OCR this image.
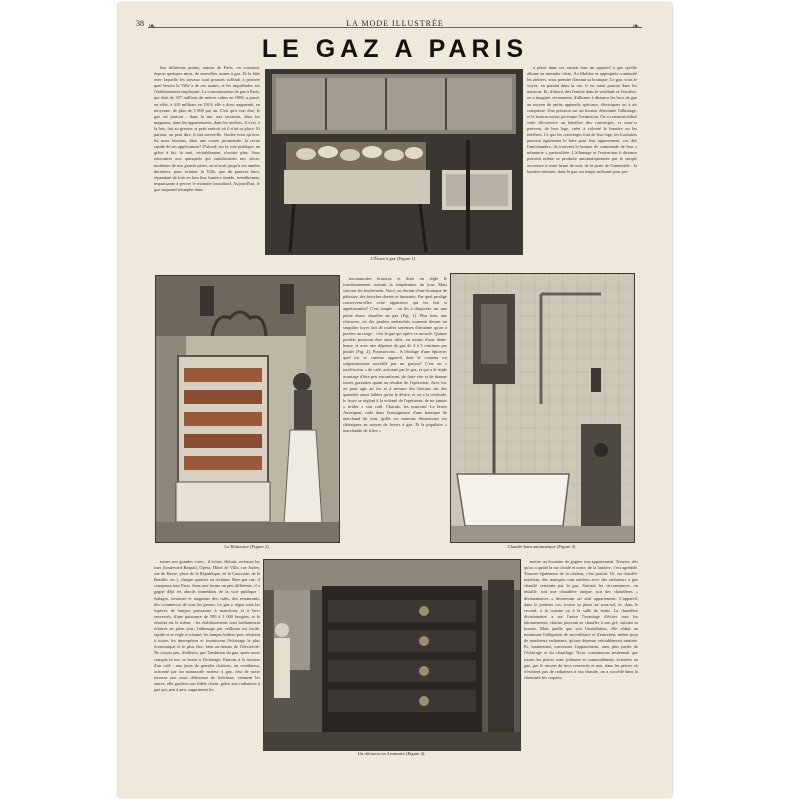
38	LA MODE ILLUSTRÉE
❧	❧
LE GAZ A PARIS

Sur différents points, autour de Paris, on construit, depuis quelques mois, de nouvelles usines à gaz. Et la hâte avec laquelle les travaux sont poussés suffirait à prouver quel besoin la Ville a de ces usines, et les inquiétudes sur l'établissement employant. La consommation de gaz à Paris, qui était de 307 millions de mètres cubes en 1909, a passé, en effet, à 410 millions en 1913; elle a donc augmenté, en moyenne, de plus de 5 800 par an. C'est qu'à vrai dire, le gaz est partout : dans la rue, aux terrasses, dans les magasins, dans les appartements, dans les ateliers. Il s'est, à la fois, fait au grenier, si petit endroit où il n'ait sa place. Et partout, on peut dire, il fait merveille. Voulez-vous qu'avec lui nous fassions, dans une courte promenade, la revue rapide de ses applications? D'abord, sur la voie publique, en grâce à lui, la nuit, véritablement, n'existe plus. Sous rencontrer nos quinquets qui satisfaisaient nos aïeux, modestes de nos grands-pères, on n'avait jusqu'à ces années dernières, pour éclairer la Ville, que de pauvres becs, répandant de loin en loin leur lumière timide, tremblotante, impuissante à percer le moindre brouillard. Aujourd'hui, le gaz surprend triomphe dans

L'Étuve à gaz (Figure 1)

a placé dans ses ancien four un appareil à gaz qu'elle allume au moindre client. Au Molière et appropriés continuité les ateliers, vous prendre d'assaut sa boutique. Le gaz, vous le voyez, en partant dans la rue, il est aussi partout dans les maisons. Et, d'abord, dès l'entrée dans le vestibule et l'escalier, on a imaginé, récemment, d'allumer à distance les becs de gaz au moyen de petits appareils spéciaux, électriques ou à air comprimé. Une pression sur un bouton détermine l'allumage, et le bouton voisin provoque l'extinction. On a construit utilisé cette découverte au bénéfice des concierges, et ceux-ci peuvent, de leur loge, créer à volonté la lumière ou les ténèbres. Ce que les concierges font de leur loge, les locataires peuvent également le faire pour leur appartement, car, dès l'antichambre, ils trouvent le bouton de commande de leur « minuterie » particulière. L'allumage et l'extinction à distance peuvent même se produire automatiquement par le simple ouverture à toute heure de nuit, de la porte de l'immeuble : la lumière subsiste, dans le gaz, un temps suffisant pour per-

La Rôtissoire (Figure 2)

incommodes braseros et dont on règle le fonctionnement suivant la température du jour. Mais suivons les boulevards. Voici, au devant d'une boutique de pâtissier, des brioches dorées et fumantes. Par quel prodige conservent-elles cette apparence qui les fait si appétissantes? C'est simple : on les a disposées sur une petite étuve chauffée au gaz (Fig. 1). Plus loin, une rôtisserie, où des poulets embrochés tournent devant un singulier foyer fait de touffes soyeuses d'amiante qu'on a portées au rouge : c'est le gaz qui opère ce miracle. Quinze poulets pourront être ainsi rôtis, en moins d'une demi-heure, et avec une dépense de gaz de 4 à 5 centimes par poulet (Fig. 2). Poursuivons... A l'étalage d'une épicerie, quel est ce curieux appareil dont le contenu est soigneusement surveillé par un garçon? C'est un « torréfacteur » de café, actionné par le gaz, et qui a le triple avantage d'être peu encombrant, de faire vite et de donner toutes garanties quant au résultat de l'opération. Avec lui, on peut agir au fur et à mesure des besoins sur des quantités aussi faibles qu'on le désire, et on a la certitude, le foyer se réglant à la volonté de l'opérateur, de ne jamais « brûler » son café. Chacals, les marrons! Le brave Auvergnat, rude dans l'ensoigneure d'une boutique de marchand de vins, grille ses marrons désœuvrant ses châtaignes au moyen de foyers à gaz. Et la populaire « marchande de frites »

Chauffe-bain automatique (Figure 3)

toutes nos grandes voies : il éclate, éblouit, rechasse les rues (boulevard Raspail, Opéra, Hôtel de Ville, rue Auber, rue du Havre, place de la République, de la Concorde, de la Bastille, etc.), chaque quartier en réclame. Bien par rue, il conquerra tout Paris. Sous une forme un peu différente, il a gagné déjà les abords immédiats de la voie publique : étalages, terrasses et magasins des cafés, des restaurants, des commerces de tous les genres. Le gaz y règne sous les espèces de lampes puissantes à manchons et à becs renversés, d'une puissance de 500 à 1 000 bougies; et le résultat est le même : les établissements sont brillamment éclairés en plein jour; l'allumage par veilleuse est facile, rapide et se règle à volonté; les lampes brûlent peu, résistent à toutes les intempéries et fournissent l'éclairage le plus économique et le plus fixe, bien au-dessus de l'électricité. Ne croyez pas, d'ailleurs, que l'ambition du gaz, après avoir conquis la rue, se borne à l'éclairage. Entrons à la terrasse d'un café : aux jours de grandes chaleurs, un ventilateur, actionné par un minuscule moteur à gaz, fera de notre terrasse une oasis délicieuse de fraîcheur; viennent les autres, elle gardera son fidèle client, grâce aux radiateurs à gaz qui, peu à peu, suppriment les

Un rôtisseur en 4 minutes (Figure 4)

mettre au locataire de gagner son appartement. Trouver, dès qu'on a quitté la rue froide et noire, de la lumière, c'est agréable. Trouver également de la chaleur, c'est parfait. Or, un chauffe-matériau, des manques tout entières avec des radiateurs à gaz chauffé certaines par le gaz. Suivant les circonstances, on installe, soit une chaudière unique, soit des chaudières « divisionnaires » desservant un seul appartement. L'appareil, dans le premier cas, trouve sa place au sous-sol, et, dans le second, à la cuisine ou à la salle de bains. La chaudière divisionnaire a sur l'autre l'avantage d'éviter tous les tâtonnements, chacun pouvant se chauffer à son gré, suivant sa bourse. Mais quelle que soit l'installation, elle réduit au minimum l'obligation de surveillance et d'entretien, même pour de nombreux radiateurs, qu'une dépense véritablement minime. Et, maintenant, traversons l'appartement, sans plus parler de l'éclairage et du chauffage. Nous constaterons seulement que toutes les pièces sont, joliment et commodément, éclairées au gaz, par le moyen de becs renversés et que, dans les pièces où n'existent pas de radiateurs à eau chaude, on a succédé dans la cheminée les coquets,
